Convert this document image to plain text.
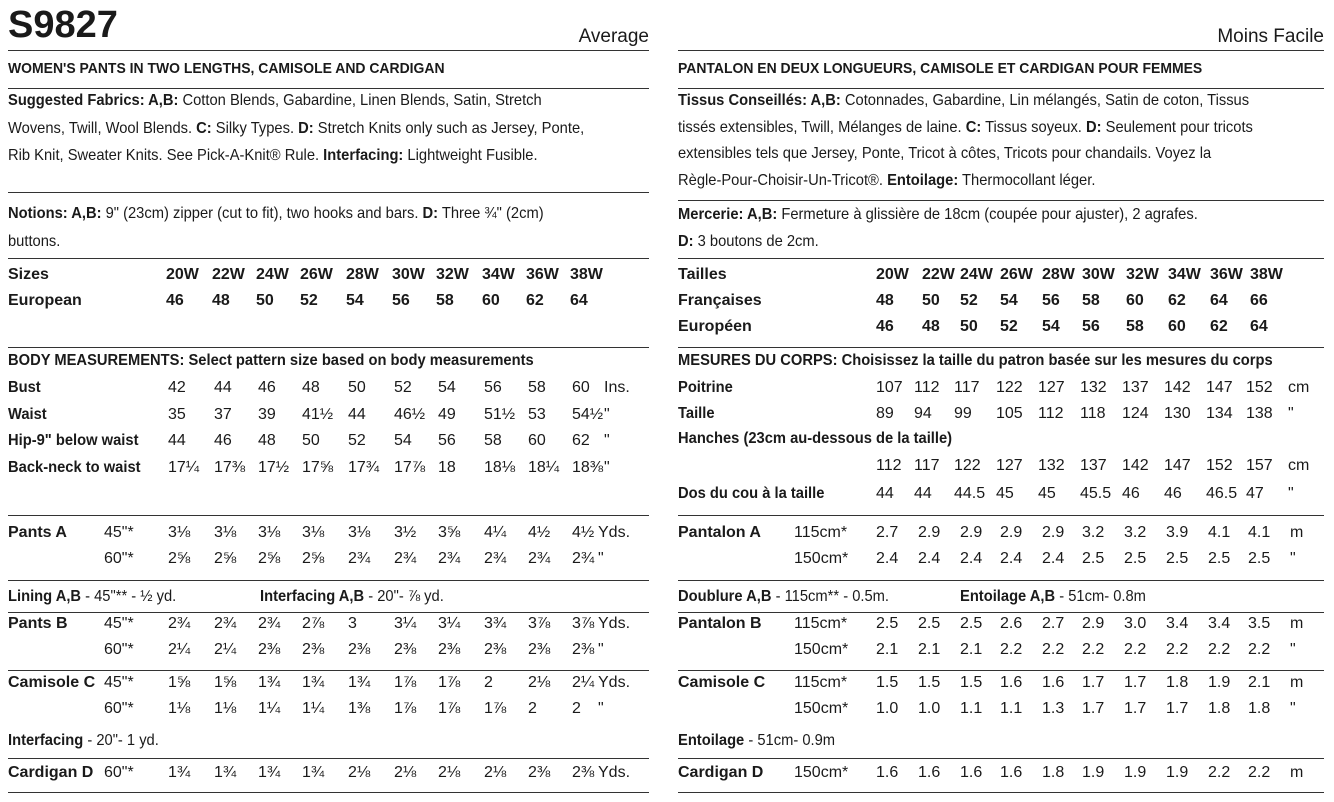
S9827	Average
WOMEN'S PANTS IN TWO LENGTHS, CAMISOLE AND CARDIGAN
Suggested Fabrics: A,B: Cotton Blends, Gabardine, Linen Blends, Satin, Stretch
Wovens, Twill, Wool Blends. C: Silky Types. D: Stretch Knits only such as Jersey, Ponte,
Rib Knit, Sweater Knits. See Pick-A-Knit® Rule. Interfacing: Lightweight Fusible.
Notions: A,B: 9" (23cm) zipper (cut to fit), two hooks and bars. D: Three ¾" (2cm)
buttons.
Sizes	20W 22W 24W 26W 28W 30W 32W 34W 36W 38W
European	46 48 50 52 54 56 58 60 62 64
BODY MEASUREMENTS: Select pattern size based on body measurements
Bust	42 44 46 48 50 52 54 56 58 60 Ins.
Waist	35 37 39 41½ 44 46½ 49 51½ 53 54½ "
Hip-9" below waist 44 46 48 50 52 54 56 58 60 62 "
Back-neck to waist 17¼ 17⅜ 17½ 17⅝ 17¾ 17⅞ 18 18⅛ 18¼ 18⅜ "
Pants A 45"* 3⅛ 3⅛ 3⅛ 3⅛ 3⅛ 3½ 3⅝ 4¼ 4½ 4½ Yds.
60"* 2⅝ 2⅝ 2⅝ 2⅝ 2¾ 2¾ 2¾ 2¾ 2¾ 2¾ "
Pants B 45"* 2¾ 2¾ 2¾ 2⅞ 3 3¼ 3¼ 3¾ 3⅞ 3⅞ Yds.
60"* 2¼ 2¼ 2⅜ 2⅜ 2⅜ 2⅜ 2⅜ 2⅜ 2⅜ 2⅜ "
Camisole C 45"* 1⅝ 1⅝ 1¾ 1¾ 1¾ 1⅞ 1⅞ 2 2⅛ 2¼ Yds.
60"* 1⅛ 1⅛ 1¼ 1¼ 1⅜ 1⅞ 1⅞ 1⅞ 2 2 "
Cardigan D 60"* 1¾ 1¾ 1¾ 1¾ 2⅛ 2⅛ 2⅛ 2⅛ 2⅜ 2⅜ Yds.
Lining A,B - 45"** - ½ yd.	Interfacing A,B - 20"- ⅞ yd.
Interfacing - 20"- 1 yd.
Moins Facile
PANTALON EN DEUX LONGUEURS, CAMISOLE ET CARDIGAN POUR FEMMES
Tissus Conseillés: A,B: Cotonnades, Gabardine, Lin mélangés, Satin de coton, Tissus
tissés extensibles, Twill, Mélanges de laine. C: Tissus soyeux. D: Seulement pour tricots
extensibles tels que Jersey, Ponte, Tricot à côtes, Tricots pour chandails. Voyez la
Règle-Pour-Choisir-Un-Tricot®. Entoilage: Thermocollant léger.
Mercerie: A,B: Fermeture à glissière de 18cm (coupée pour ajuster), 2 agrafes.
D: 3 boutons de 2cm.
Tailles	20W 22W 24W 26W 28W 30W 32W 34W 36W 38W
Françaises	48 50 52 54 56 58 60 62 64 66
Européen	46 48 50 52 54 56 58 60 62 64
MESURES DU CORPS: Choisissez la taille du patron basée sur les mesures du corps
Poitrine	107 112 117 122 127 132 137 142 147 152 cm
Taille	89 94 99 105 112 118 124 130 134 138 "
Hanches (23cm au-dessous de la taille)
112 117 122 127 132 137 142 147 152 157 cm
Dos du cou à la taille	44 44 44.5 45 45 45.5 46 46 46.5 47 "
Pantalon A 115cm* 2.7 2.9 2.9 2.9 2.9 3.2 3.2 3.9 4.1 4.1 m
150cm* 2.4 2.4 2.4 2.4 2.4 2.5 2.5 2.5 2.5 2.5 "
Pantalon B 115cm* 2.5 2.5 2.5 2.6 2.7 2.9 3.0 3.4 3.4 3.5 m
150cm* 2.1 2.1 2.1 2.2 2.2 2.2 2.2 2.2 2.2 2.2 "
Camisole C 115cm* 1.5 1.5 1.5 1.6 1.6 1.7 1.7 1.8 1.9 2.1 m
150cm* 1.0 1.0 1.1 1.1 1.3 1.7 1.7 1.7 1.8 1.8 "
Cardigan D 150cm* 1.6 1.6 1.6 1.6 1.8 1.9 1.9 1.9 2.2 2.2 m
Doublure A,B - 115cm** - 0.5m.	Entoilage A,B - 51cm- 0.8m
Entoilage - 51cm- 0.9m
